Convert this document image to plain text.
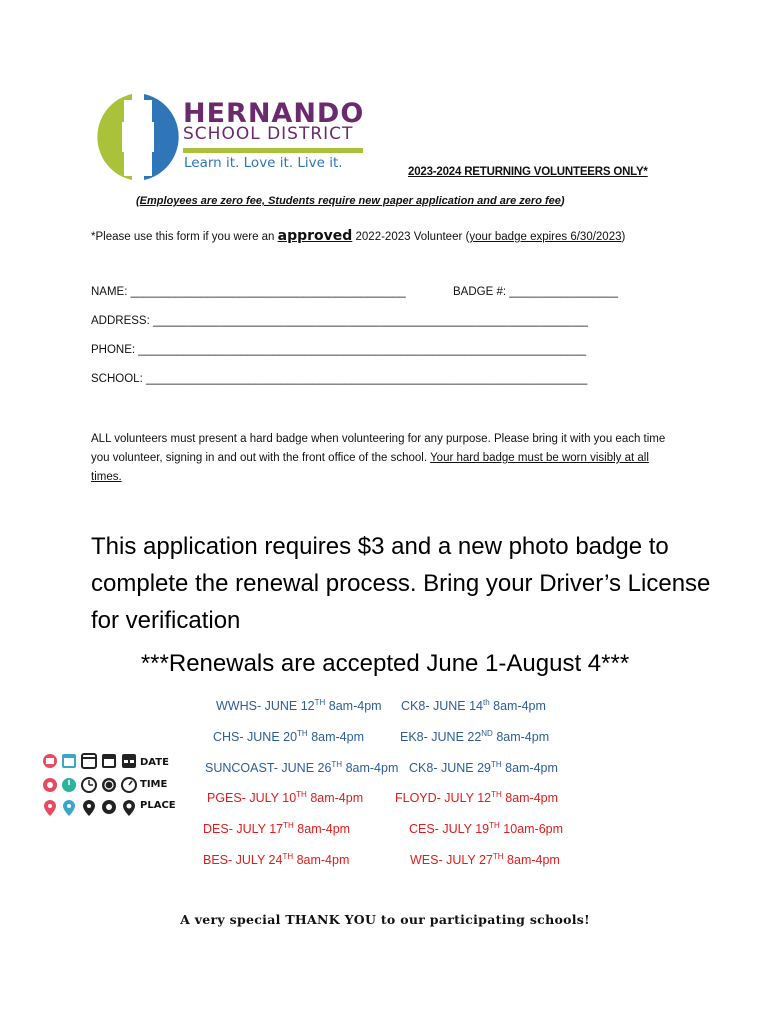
HERNANDO
SCHOOL DISTRICT
Learn it. Love it. Live it.
2023-2024 RETURNING VOLUNTEERS ONLY*
(Employees are zero fee, Students require new paper application and are zero fee)
*Please use this form if you were an approved 2022-2023 Volunteer (your badge expires 6/30/2023)
NAME: ___________________________________________	BADGE #: _________________
ADDRESS: ____________________________________________________________________
PHONE: ______________________________________________________________________
SCHOOL: _____________________________________________________________________
ALL volunteers must present a hard badge when volunteering for any purpose. Please bring it with you each time you volunteer, signing in and out with the front office of the school. Your hard badge must be worn visibly at all times.
This application requires $3 and a new photo badge to complete the renewal process. Bring your Driver’s License for verification
***Renewals are accepted June 1-August 4***
WWHS- JUNE 12TH 8am-4pm CK8- JUNE 14th 8am-4pm
CHS- JUNE 20TH 8am-4pm	EK8- JUNE 22ND 8am-4pm
SUNCOAST- JUNE 26TH 8am-4pm CK8- JUNE 29TH 8am-4pm
PGES- JULY 10TH 8am-4pm	FLOYD- JULY 12TH 8am-4pm
DES- JULY 17TH 8am-4pm	CES- JULY 19TH 10am-6pm
BES- JULY 24TH 8am-4pm	WES- JULY 27TH 8am-4pm
DATE
TIME
PLACE
A very special THANK YOU to our participating schools!
